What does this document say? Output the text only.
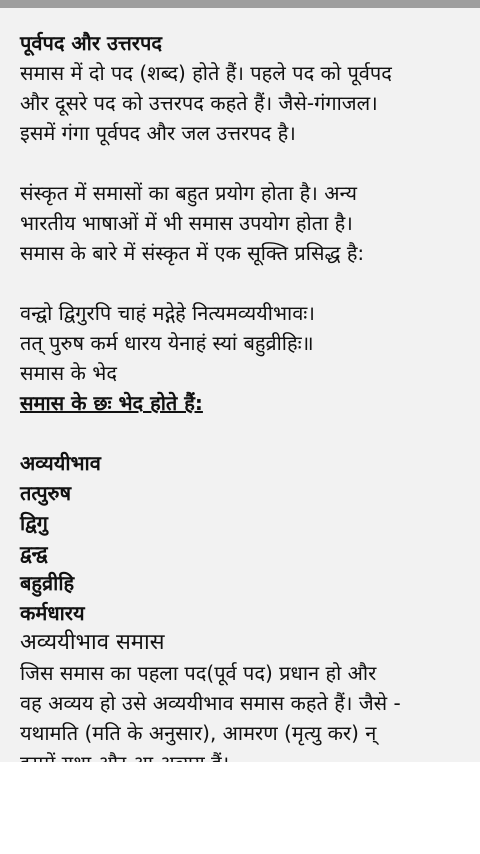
पूर्वपद और उत्तरपद
समास में दो पद (शब्द) होते हैं। पहले पद को पूर्वपद
और दूसरे पद को उत्तरपद कहते हैं। जैसे-गंगाजल।
इसमें गंगा पूर्वपद और जल उत्तरपद है।
संस्कृत में समासों का बहुत प्रयोग होता है। अन्य
भारतीय भाषाओं में भी समास उपयोग होता है।
समास के बारे में संस्कृत में एक सूक्ति प्रसिद्ध है:
वन्द्वो द्विगुरपि चाहं मद्गेहे नित्यमव्ययीभावः।
तत् पुरुष कर्म धारय येनाहं स्यां बहुव्रीहिः॥
समास के भेद
समास के छः भेद होते हैं:
अव्ययीभाव
तत्पुरुष
द्विगु
द्वन्द्व
बहुव्रीहि
कर्मधारय
अव्ययीभाव समास
जिस समास का पहला पद(पूर्व पद) प्रधान हो और
वह अव्यय हो उसे अव्ययीभाव समास कहते हैं। जैसे -
यथामति (मति के अनुसार), आमरण (मृत्यु कर) न्
